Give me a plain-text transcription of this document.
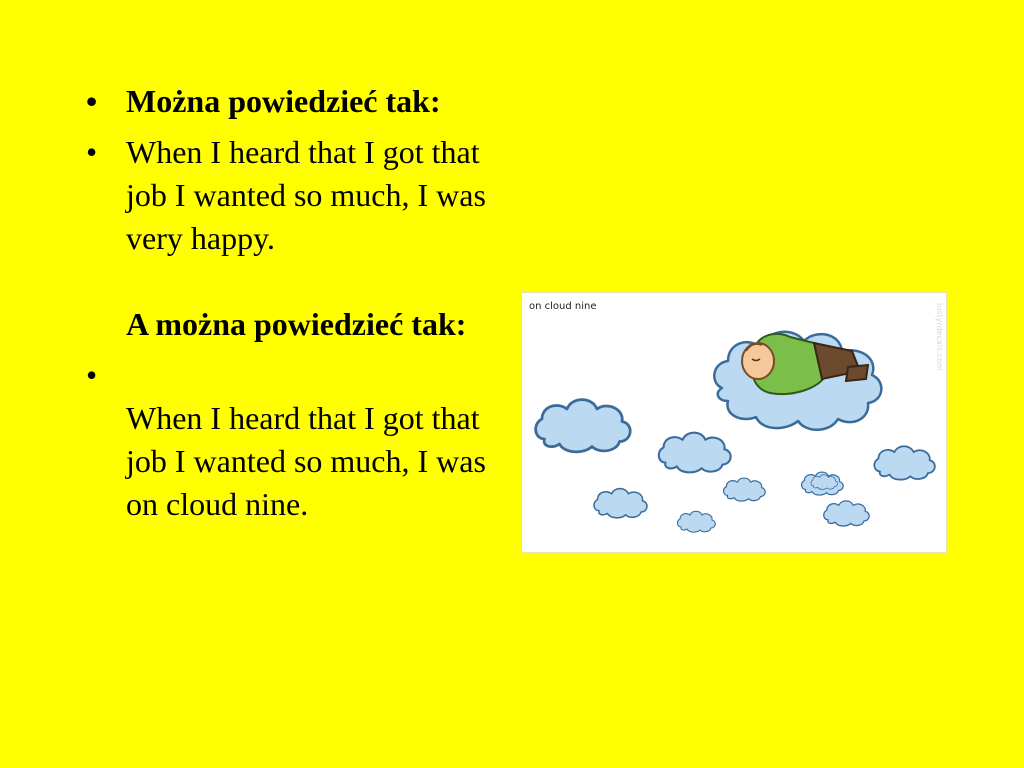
• Można powiedzieć tak:
• When I heard that I got that job I wanted so much, I was very happy.
A można powiedzieć tak:
•
When I heard that I got that job I wanted so much, I was on cloud nine.
on cloud nine	justyrdecals.com
